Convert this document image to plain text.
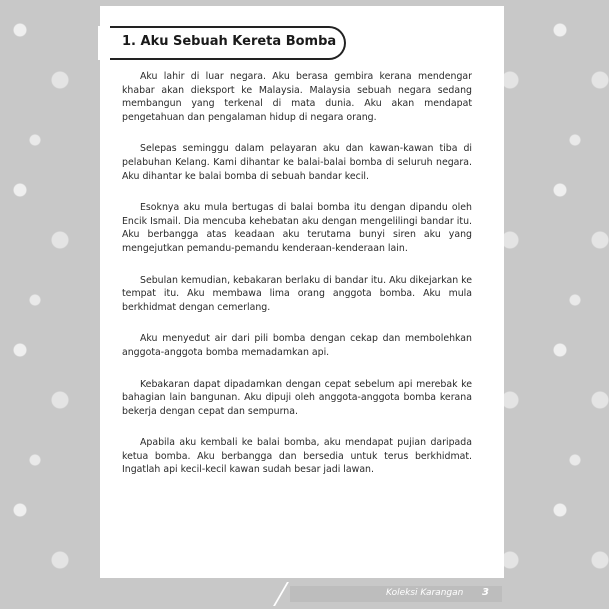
1. Aku Sebuah Kereta Bomba

Aku lahir di luar negara. Aku berasa gembira kerana mendengar khabar akan dieksport ke Malaysia. Malaysia sebuah negara sedang membangun yang terkenal di mata dunia. Aku akan mendapat pengetahuan dan pengalaman hidup di negara orang.

Selepas seminggu dalam pelayaran aku dan kawan-kawan tiba di pelabuhan Kelang. Kami dihantar ke balai-balai bomba di seluruh negara. Aku dihantar ke balai bomba di sebuah bandar kecil.

Esoknya aku mula bertugas di balai bomba itu dengan dipandu oleh Encik Ismail. Dia mencuba kehebatan aku dengan mengelilingi bandar itu. Aku berbangga atas keadaan aku terutama bunyi siren aku yang mengejutkan pemandu-pemandu kenderaan-kenderaan lain.

Sebulan kemudian, kebakaran berlaku di bandar itu. Aku dikejarkan ke tempat itu. Aku membawa lima orang anggota bomba. Aku mula berkhidmat dengan cemerlang.

Aku menyedut air dari pili bomba dengan cekap dan membolehkan anggota-anggota bomba memadamkan api.

Kebakaran dapat dipadamkan dengan cepat sebelum api merebak ke bahagian lain bangunan. Aku dipuji oleh anggota-anggota bomba kerana bekerja dengan cepat dan sempurna.

Apabila aku kembali ke balai bomba, aku mendapat pujian daripada ketua bomba. Aku berbangga dan bersedia untuk terus berkhidmat. Ingatlah api kecil-kecil kawan sudah besar jadi lawan.

Koleksi Karangan 3
